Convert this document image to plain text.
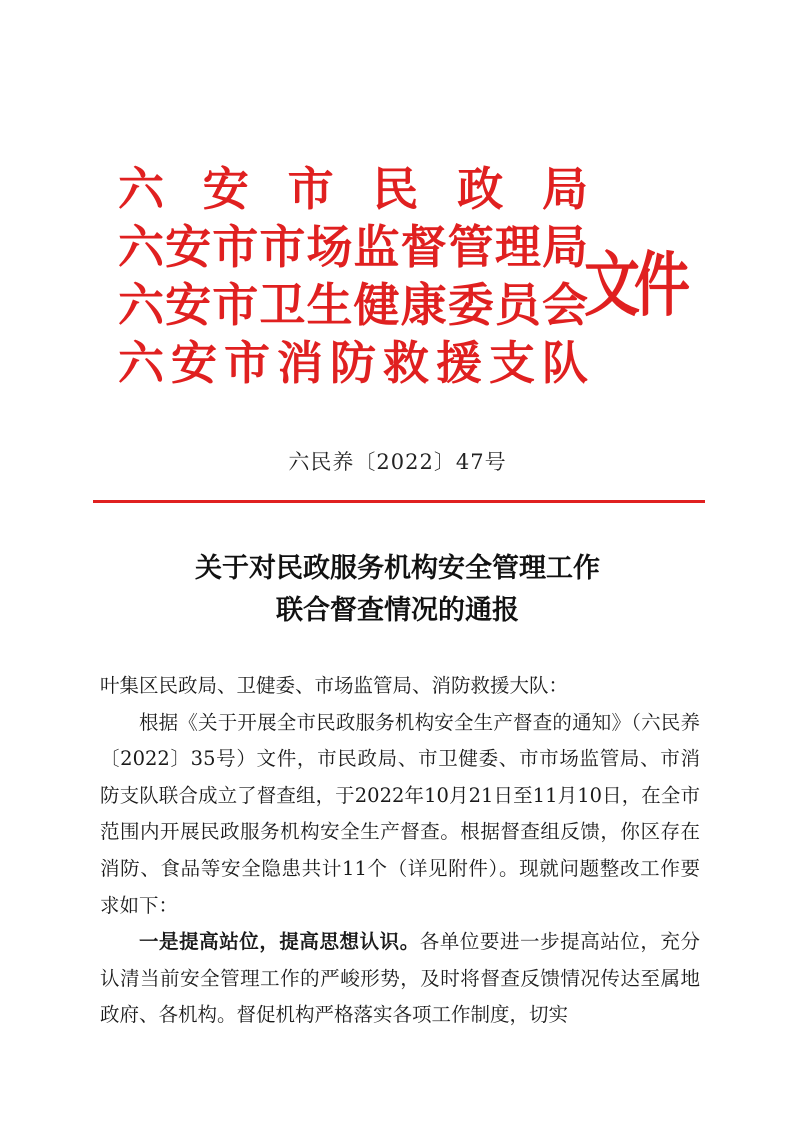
六 安 市 民 政 局
六 安 市 市 场 监 督 管 理 局
六 安 市 卫 生 健 康 委 员 会
六 安 市 消 防 救 援 支 队
文件
六民养〔2022〕47号
关于对民政服务机构安全管理工作
联合督查情况的通报

叶集区民政局、卫健委、市场监管局、消防救援大队：

根据《关于开展全市民政服务机构安全生产督查的通知》（六民养〔2022〕35号）文件，市民政局、市卫健委、市市场监管局、市消防支队联合成立了督查组，于2022年10月21日至11月10日，在全市范围内开展民政服务机构安全生产督查。根据督查组反馈，你区存在消防、食品等安全隐患共计11个（详见附件）。现就问题整改工作要求如下：

一是提高站位，提高思想认识。各单位要进一步提高站位，充分认清当前安全管理工作的严峻形势，及时将督查反馈情况传达至属地政府、各机构。督促机构严格落实各项工作制度，切实
